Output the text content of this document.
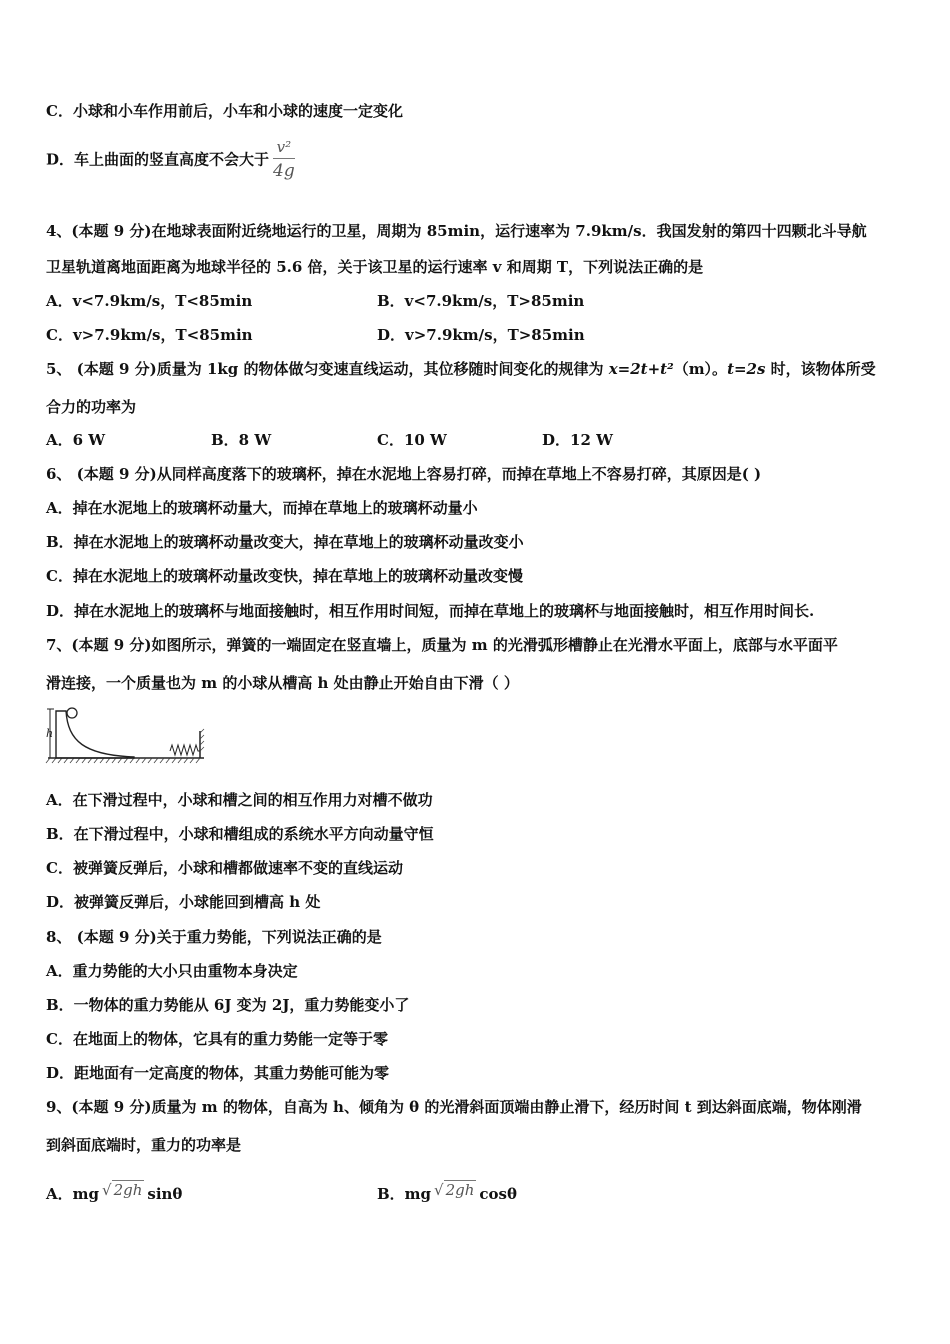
C．小球和小车作用前后，小车和小球的速度一定变化
D．车上曲面的竖直高度不会大于 $\frac{\text{v²}}{4g}$
4、(本题 9 分)在地球表面附近绕地运行的卫星，周期为 85min，运行速率为 7.9km/s．我国发射的第四十四颗北斗导航
卫星轨道离地面距离为地球半径的 5.6 倍，关于该卫星的运行速率 v 和周期 T，下列说法正确的是
A．v<7.9km/s，T<85min	B．v<7.9km/s，T>85min
C．v>7.9km/s，T<85min	D．v>7.9km/s，T>85min
5、 (本题 9 分)质量为 1kg 的物体做匀变速直线运动，其位移随时间变化的规律为 x=2t+t²（m）。t=2s 时，该物体所受
合力的功率为
A．6 W	B．8 W	C．10 W	D．12 W
6、 (本题 9 分)从同样高度落下的玻璃杯，掉在水泥地上容易打碎，而掉在草地上不容易打碎，其原因是( )
A．掉在水泥地上的玻璃杯动量大，而掉在草地上的玻璃杯动量小
B．掉在水泥地上的玻璃杯动量改变大，掉在草地上的玻璃杯动量改变小
C．掉在水泥地上的玻璃杯动量改变快，掉在草地上的玻璃杯动量改变慢
D．掉在水泥地上的玻璃杯与地面接触时，相互作用时间短，而掉在草地上的玻璃杯与地面接触时，相互作用时间长.
7、(本题 9 分)如图所示，弹簧的一端固定在竖直墙上，质量为 m 的光滑弧形槽静止在光滑水平面上，底部与水平面平
滑连接，一个质量也为 m 的小球从槽高 h 处由静止开始自由下滑（ ）
h
A．在下滑过程中，小球和槽之间的相互作用力对槽不做功
B．在下滑过程中，小球和槽组成的系统水平方向动量守恒
C．被弹簧反弹后，小球和槽都做速率不变的直线运动
D．被弹簧反弹后，小球能回到槽高 h 处
8、 (本题 9 分)关于重力势能，下列说法正确的是
A．重力势能的大小只由重物本身决定
B．一物体的重力势能从 6J 变为 2J，重力势能变小了
C．在地面上的物体，它具有的重力势能一定等于零
D．距地面有一定高度的物体，其重力势能可能为零
9、(本题 9 分)质量为 m 的物体，自高为 h、倾角为 θ 的光滑斜面顶端由静止滑下，经历时间 t 到达斜面底端，物体刚滑
到斜面底端时，重力的功率是
A．mg √ 2gh sinθ	B．mg √ 2gh cosθ
